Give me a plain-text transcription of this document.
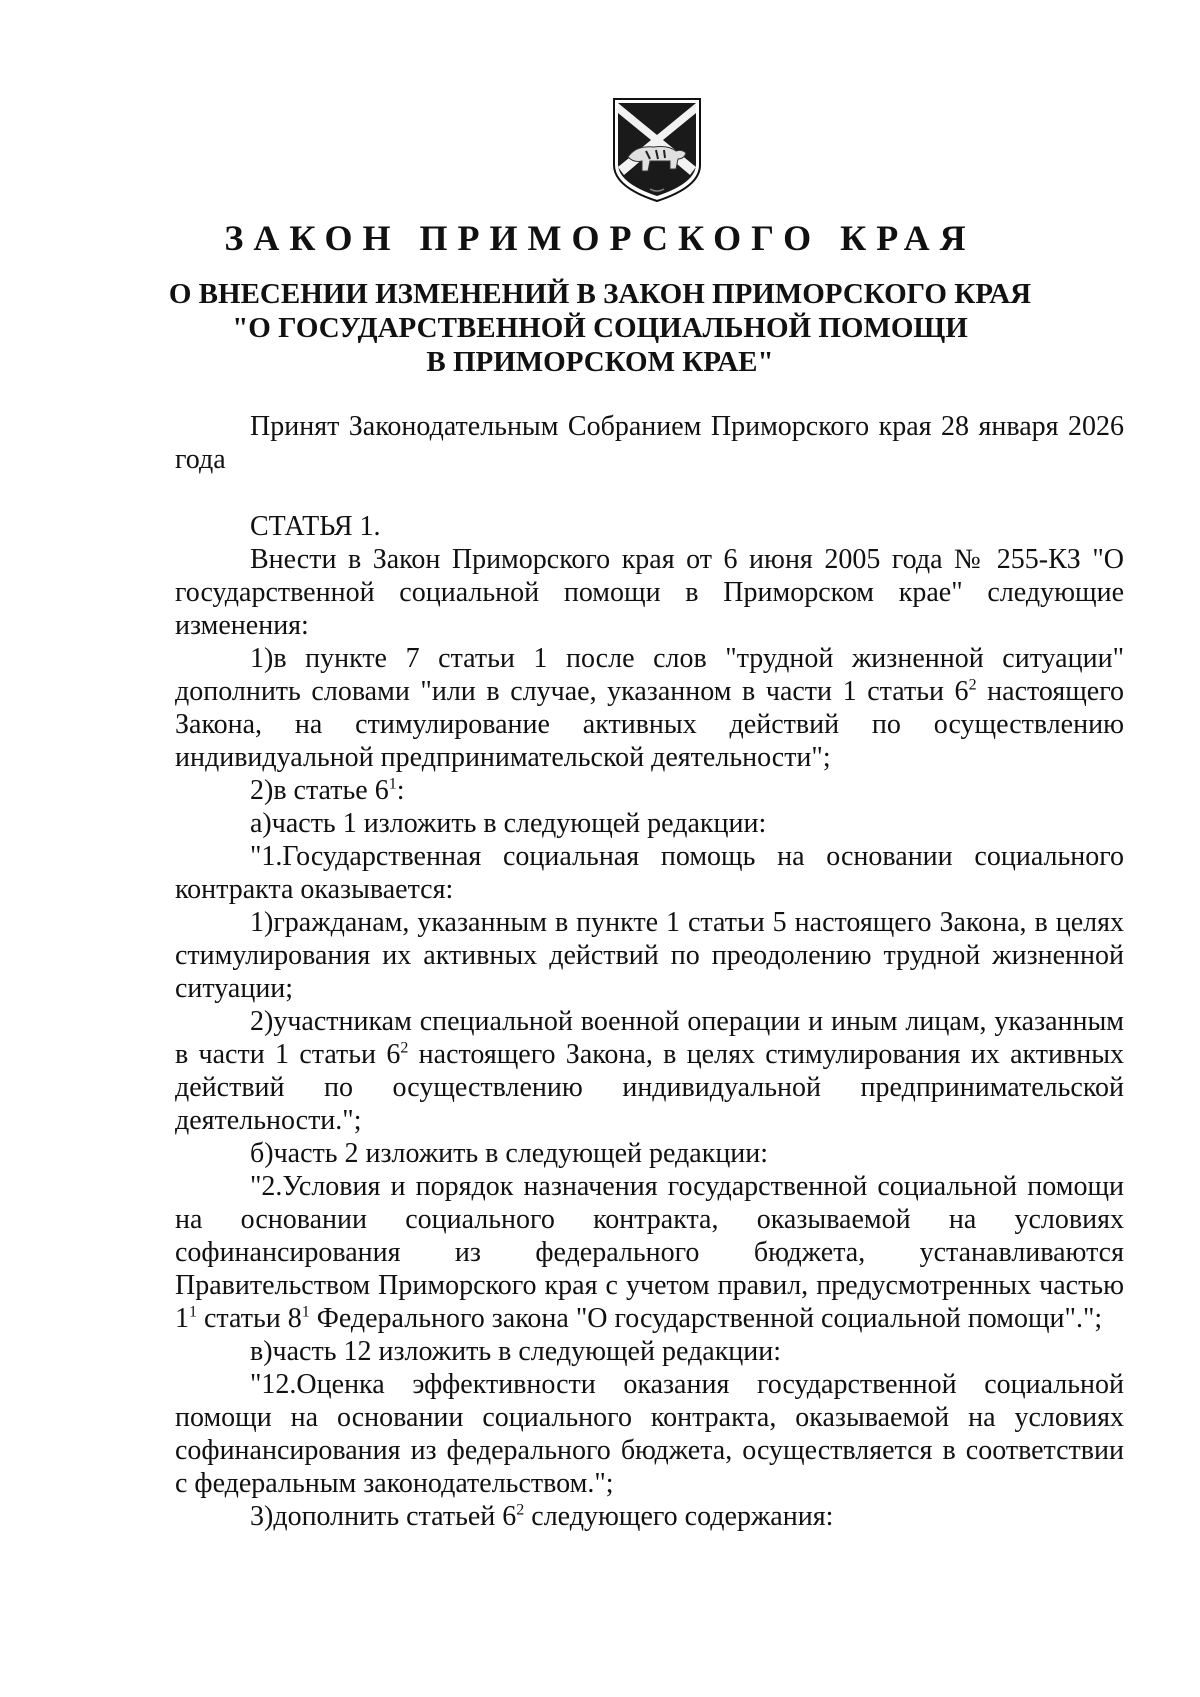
ЗАКОН ПРИМОРСКОГО КРАЯ
О ВНЕСЕНИИ ИЗМЕНЕНИЙ В ЗАКОН ПРИМОРСКОГО КРАЯ
"О ГОСУДАРСТВЕННОЙ СОЦИАЛЬНОЙ ПОМОЩИ
В ПРИМОРСКОМ КРАЕ"

Принят Законодательным Собранием Приморского края 28 января 2026 года

СТАТЬЯ 1.

Внести в Закон Приморского края от 6 июня 2005 года № 255-КЗ "О государственной социальной помощи в Приморском крае" следующие изменения:

1)в пункте 7 статьи 1 после слов "трудной жизненной ситуации" дополнить словами "или в случае, указанном в части 1 статьи $6^2$ настоящего Закона, на стимулирование активных действий по осуществлению индивидуальной предпринимательской деятельности";

2)в статье $6^1$:

а)часть 1 изложить в следующей редакции:

"1.Государственная социальная помощь на основании социального контракта оказывается:

1)гражданам, указанным в пункте 1 статьи 5 настоящего Закона, в целях стимулирования их активных действий по преодолению трудной жизненной ситуации;

2)участникам специальной военной операции и иным лицам, указанным в части 1 статьи $6^2$ настоящего Закона, в целях стимулирования их активных действий по осуществлению индивидуальной предпринимательской деятельности.";

б)часть 2 изложить в следующей редакции:

"2.Условия и порядок назначения государственной социальной помощи на основании социального контракта, оказываемой на условиях софинансирования из федерального бюджета, устанавливаются Правительством Приморского края с учетом правил, предусмотренных частью $1^1$ статьи $8^1$ Федерального закона "О государственной социальной помощи".";

в)часть 12 изложить в следующей редакции:

"12.Оценка эффективности оказания государственной социальной помощи на основании социального контракта, оказываемой на условиях софинансирования из федерального бюджета, осуществляется в соответствии с федеральным законодательством.";

3)дополнить статьей $6^2$ следующего содержания:
